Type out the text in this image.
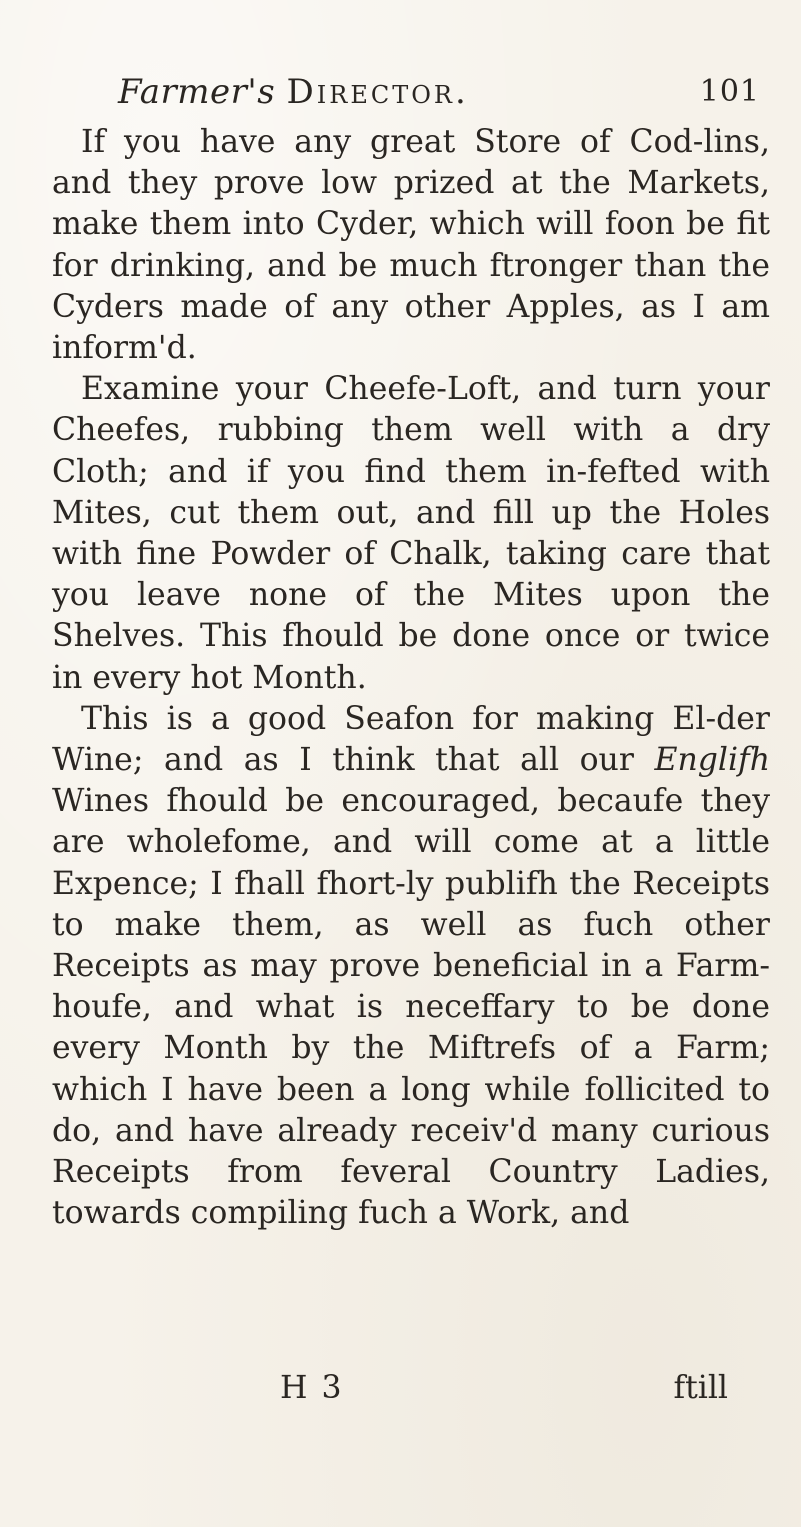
Farmer's Director.	101

If you have any great Store of Cod-lins, and they prove low prized at the Markets, make them into Cyder, which will foon be fit for drinking, and be much ftronger than the Cyders made of any other Apples, as I am inform'd.

Examine your Cheefe-Loft, and turn your Cheefes, rubbing them well with a dry Cloth; and if you find them in-fefted with Mites, cut them out, and fill up the Holes with fine Powder of Chalk, taking care that you leave none of the Mites upon the Shelves. This fhould be done once or twice in every hot Month.

This is a good Seafon for making El-der Wine; and as I think that all our Englifh Wines fhould be encouraged, becaufe they are wholefome, and will come at a little Expence; I fhall fhort-ly publifh the Receipts to make them, as well as fuch other Receipts as may prove beneficial in a Farm-houfe, and what is neceffary to be done every Month by the Miftrefs of a Farm; which I have been a long while follicited to do, and have already receiv'd many curious Receipts from feveral Country Ladies, towards compiling fuch a Work, and

H 3	ftill
